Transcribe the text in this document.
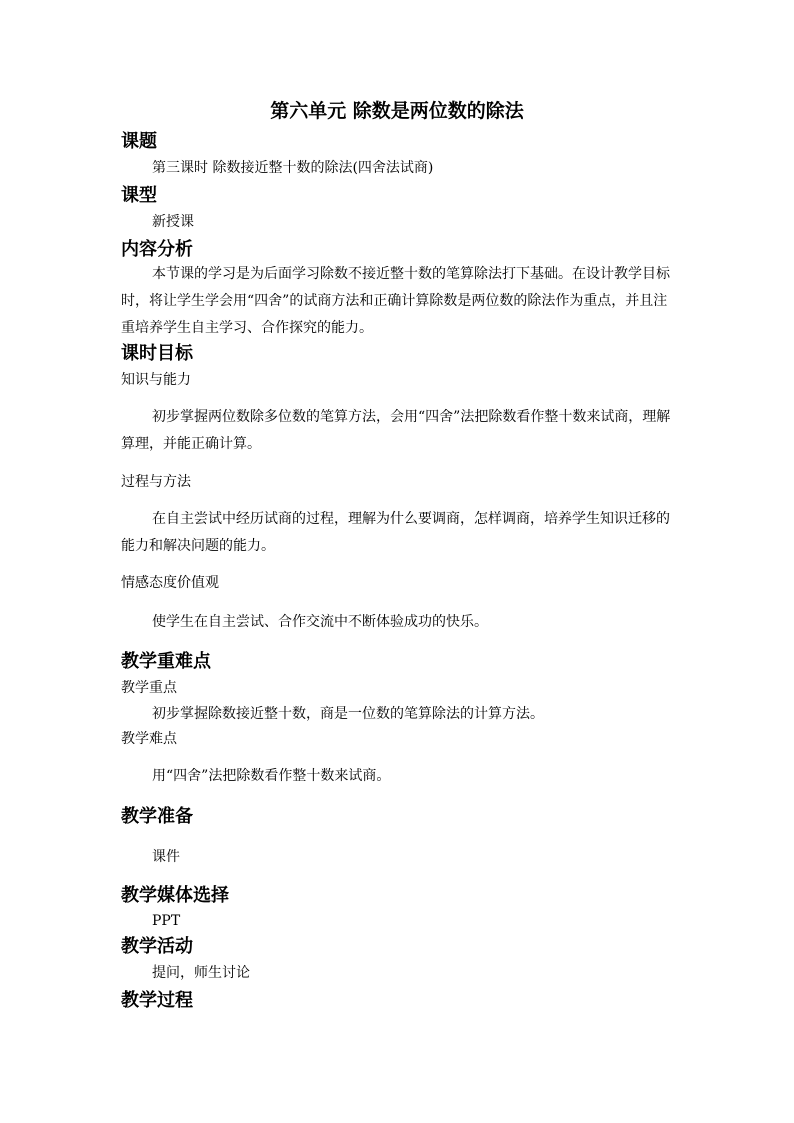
第六单元 除数是两位数的除法
课题
第三课时 除数接近整十数的除法(四舍法试商)
课型
新授课
内容分析
本节课的学习是为后面学习除数不接近整十数的笔算除法打下基础。在设计教学目标时，将让学生学会用“四舍”的试商方法和正确计算除数是两位数的除法作为重点，并且注重培养学生自主学习、合作探究的能力。
课时目标
知识与能力
初步掌握两位数除多位数的笔算方法，会用“四舍”法把除数看作整十数来试商，理解算理，并能正确计算。
过程与方法
在自主尝试中经历试商的过程，理解为什么要调商，怎样调商，培养学生知识迁移的能力和解决问题的能力。
情感态度价值观
使学生在自主尝试、合作交流中不断体验成功的快乐。
教学重难点
教学重点
初步掌握除数接近整十数，商是一位数的笔算除法的计算方法。
教学难点
用“四舍”法把除数看作整十数来试商。
教学准备
课件
教学媒体选择
PPT
教学活动
提问，师生讨论
教学过程
